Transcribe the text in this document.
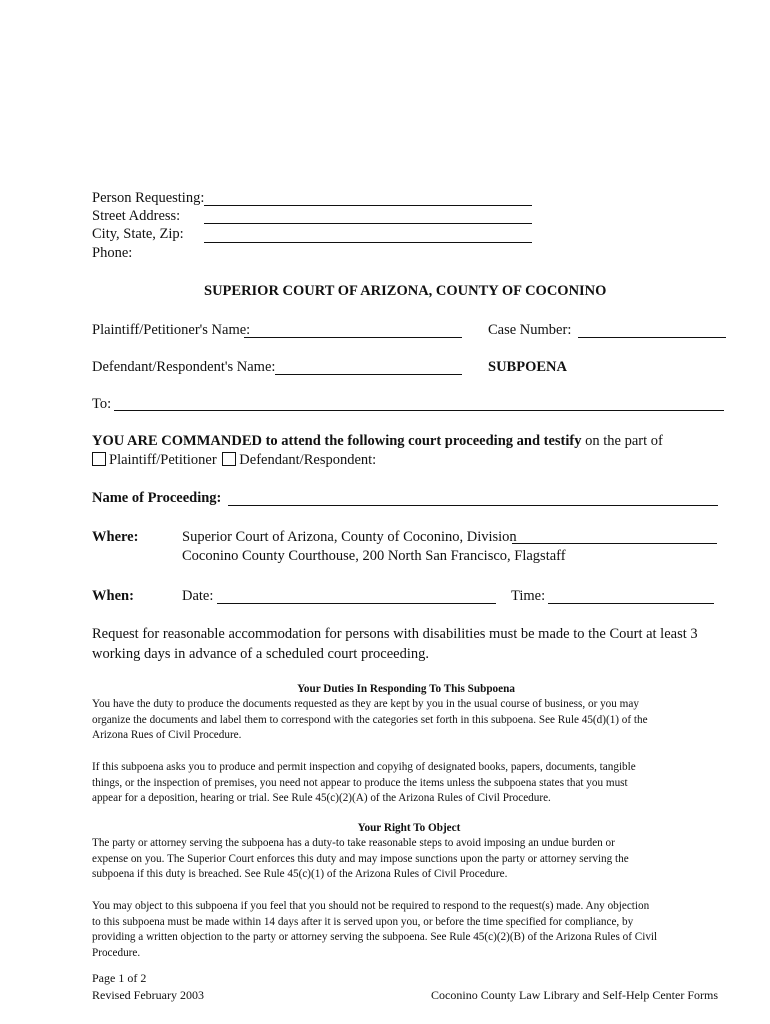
Person Requesting:
Street Address:
City, State, Zip:
Phone:
SUPERIOR COURT OF ARIZONA, COUNTY OF COCONINO
Plaintiff/Petitioner's Name:	Case Number:
Defendant/Respondent's Name:	SUBPOENA
To:
YOU ARE COMMANDED to attend the following court proceeding and testify on the part of
Plaintiff/Petitioner Defendant/Respondent:
Name of Proceeding:
Where:	Superior Court of Arizona, County of Coconino, Division
Coconino County Courthouse, 200 North San Francisco, Flagstaff
When:	Date:	Time:
Request for reasonable accommodation for persons with disabilities must be made to the Court at least 3
working days in advance of a scheduled court proceeding.
Your Duties In Responding To This Subpoena

You have the duty to produce the documents requested as they are kept by you in the usual course of business, or you may

organize the documents and label them to correspond with the categories set forth in this subpoena. See Rule 45(d)(1) of the

Arizona Rues of Civil Procedure.

If this subpoena asks you to produce and permit inspection and copyihg of designated books, papers, documents, tangible

things, or the inspection of premises, you need not appear to produce the items unless the subpoena states that you must

appear for a deposition, hearing or trial. See Rule 45(c)(2)(A) of the Arizona Rules of Civil Procedure.

Your Right To Object

The party or attorney serving the subpoena has a duty-to take reasonable steps to avoid imposing an undue burden or

expense on you. The Superior Court enforces this duty and may impose sunctions upon the party or attorney serving the

subpoena if this duty is breached. See Rule 45(c)(1) of the Arizona Rules of Civil Procedure.

You may object to this subpoena if you feel that you should not be required to respond to the request(s) made. Any objection

to this subpoena must be made within 14 days after it is served upon you, or before the time specified for compliance, by

providing a written objection to the party or attorney serving the subpoena. See Rule 45(c)(2)(B) of the Arizona Rules of Civil

Procedure.

Page 1 of 2
Revised February 2003	Coconino County Law Library and Self-Help Center Forms
